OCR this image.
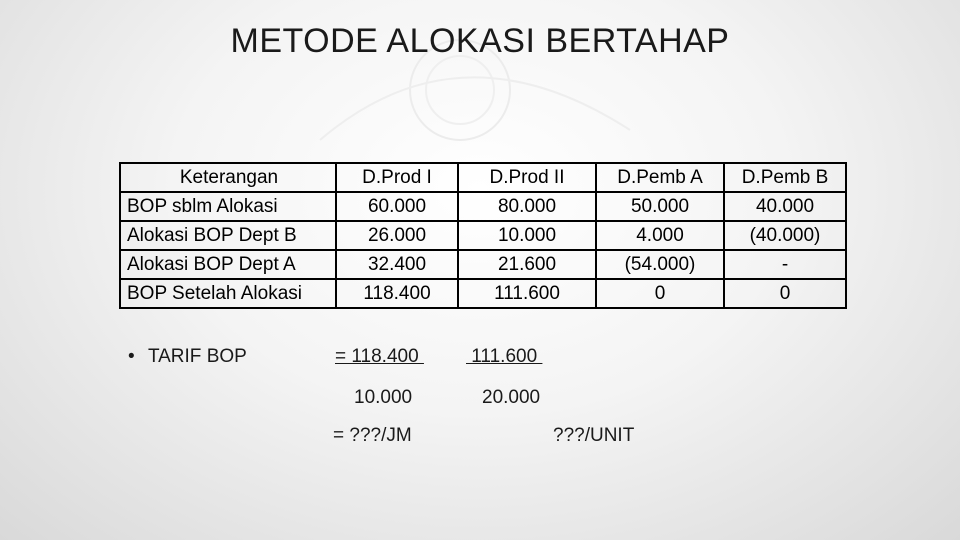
METODE ALOKASI BERTAHAP
Keterangan	D.Prod I	D.Prod II	D.Pemb A	D.Pemb B
BOP sblm Alokasi	60.000	80.000	50.000	40.000
Alokasi BOP Dept B	26.000	10.000	4.000	(40.000)
Alokasi BOP Dept A	32.400	21.600	(54.000)	-
BOP Setelah Alokasi	118.400	111.600	0	0
• TARIF BOP	= 118.400 111.600
10.000	20.000
= ???/JM	???/UNIT
